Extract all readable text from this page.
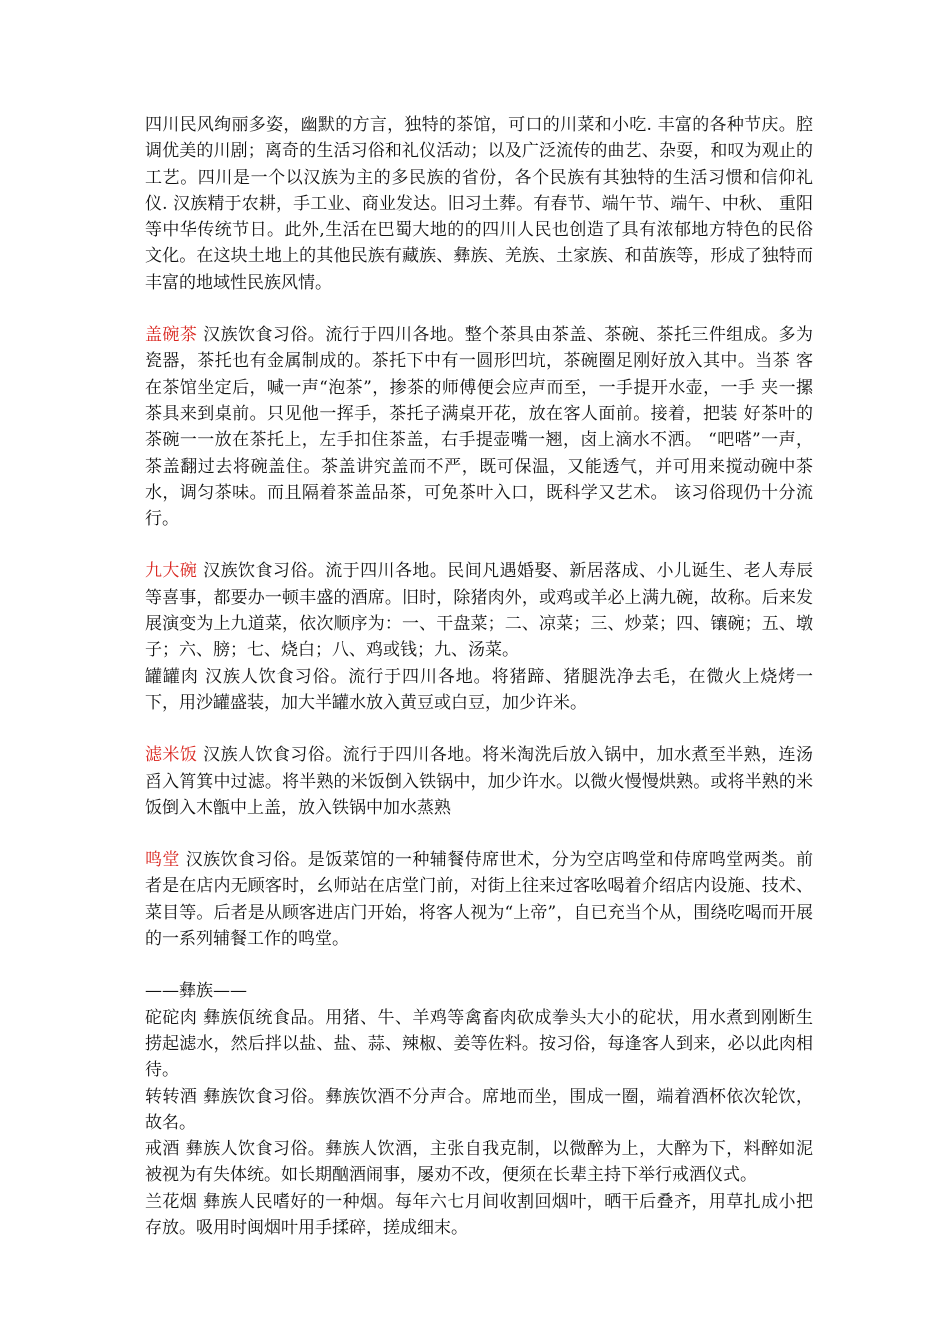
四川民风绚丽多姿，幽默的方言，独特的茶馆，可口的川菜和小吃. 丰富的各种节庆。腔调优美的川剧；离奇的生活习俗和礼仪活动；以及广泛流传的曲艺、杂耍，和叹为观止的工艺。四川是一个以汉族为主的多民族的省份，各个民族有其独特的生活习惯和信仰礼仪. 汉族精于农耕，手工业、商业发达。旧习土葬。有春节、端午节、端午、中秋、 重阳等中华传统节日。此外,生活在巴蜀大地的的四川人民也创造了具有浓郁地方特色的民俗文化。在这块土地上的其他民族有藏族、彝族、羌族、土家族、和苗族等，形成了独特而丰富的地域性民族风情。

盖碗茶 汉族饮食习俗。流行于四川各地。整个茶具由茶盖、茶碗、茶托三件组成。多为瓷器，茶托也有金属制成的。茶托下中有一圆形凹坑，茶碗圈足刚好放入其中。当茶 客在茶馆坐定后，喊一声“泡茶”，掺茶的师傅便会应声而至，一手提开水壶，一手 夹一摞茶具来到桌前。只见他一挥手，茶托子满桌开花，放在客人面前。接着，把装 好茶叶的茶碗一一放在茶托上，左手扣住茶盖，右手提壶嘴一翘，卤上滴水不洒。 “吧嗒”一声，茶盖翻过去将碗盖住。茶盖讲究盖而不严，既可保温，又能透气，并可用来搅动碗中茶水，调匀茶味。而且隔着茶盖品茶，可免茶叶入口，既科学又艺术。 该习俗现仍十分流行。

九大碗 汉族饮食习俗。流于四川各地。民间凡遇婚娶、新居落成、小儿诞生、老人寿辰等喜事，都要办一顿丰盛的酒席。旧时，除猪肉外，或鸡或羊必上满九碗，故称。后来发展演变为上九道菜，依次顺序为：一、干盘菜；二、凉菜；三、炒菜；四、镶碗；五、墩子；六、膀；七、烧白；八、鸡或钱；九、汤菜。

罐罐肉 汉族人饮食习俗。流行于四川各地。将猪蹄、猪腿洗净去毛，在微火上烧烤一下，用沙罐盛装，加大半罐水放入黄豆或白豆，加少许米。

滤米饭 汉族人饮食习俗。流行于四川各地。将米淘洗后放入锅中，加水煮至半熟，连汤舀入筲箕中过滤。将半熟的米饭倒入铁锅中，加少许水。以微火慢慢烘熟。或将半熟的米饭倒入木甑中上盖，放入铁锅中加水蒸熟

鸣堂 汉族饮食习俗。是饭菜馆的一种辅餐侍席世术，分为空店鸣堂和侍席鸣堂两类。前者是在店内无顾客时，幺师站在店堂门前，对街上往来过客吆喝着介绍店内设施、技术、菜目等。后者是从顾客进店门开始，将客人视为“上帝”，自已充当个从，围绕吃喝而开展的一系列辅餐工作的鸣堂。

——彝族——

砣砣肉 彝族佤统食品。用猪、牛、羊鸡等禽畜肉砍成拳头大小的砣状，用水煮到刚断生捞起滤水，然后拌以盐、盐、蒜、辣椒、姜等佐料。按习俗，每逢客人到来，必以此肉相待。

转转酒 彝族饮食习俗。彝族饮酒不分声合。席地而坐，围成一圈，端着酒杯依次轮饮，故名。

戒酒 彝族人饮食习俗。彝族人饮酒，主张自我克制，以微醉为上，大醉为下，料醉如泥被视为有失体统。如长期酗酒闹事，屡劝不改，便须在长辈主持下举行戒酒仪式。

兰花烟 彝族人民嗜好的一种烟。每年六七月间收割回烟叶，晒干后叠齐，用草扎成小把存放。吸用时闽烟叶用手揉碎，搓成细末。
